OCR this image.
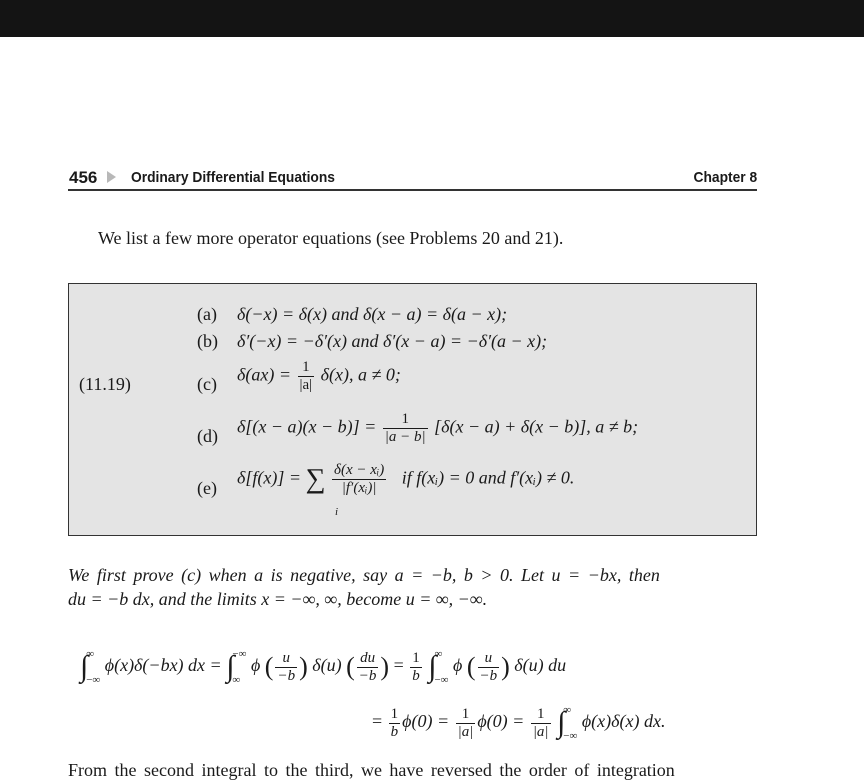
456 Ordinary Differential Equations	Chapter 8
We list a few more operator equations (see Problems 20 and 21).
(11.19)
(a) δ(−x) = δ(x) and δ(x − a) = δ(a − x);
(b) δ′(−x) = −δ′(x) and δ′(x − a) = −δ′(a − x);
(c) $\delta(ax) = \frac{1}{|a|} \delta(x)$, a ≠ 0;
(d) $\delta[(x - a)(x - b)] = \frac{1}{|a - b|} [\delta(x - a) + \delta(x - b)]$, a ≠ b;
(e)
δ[f(x)] = ∑ $\frac{\text{δ(x − xᵢ)}}{\text{|f′(xᵢ)|}}$ if f(xᵢ) = 0 and f′(xᵢ) ≠ 0.
i
We first prove (c) when a is negative, say a = −b, b > 0. Let u = −bx, then
du = −b dx, and the limits x = −∞, ∞, become u = ∞, −∞.
∫
∞
−∞
ϕ(x)δ(−bx) dx = ∫
−∞
∞
ϕ ( $\frac{u}{-b}$ ) δ(u) ( $\frac{du}{-b}$ ) = $\frac{1}{b}$ ∫
∞
−∞
ϕ ( $\frac{u}{-b}$ ) δ(u) du
= $\frac{1}{b} \phi(0) = \frac{1}{|a|} \phi(0) = \frac{1}{|a|}$ ∫
∞
−∞
ϕ(x)δ(x) dx.
From the second integral to the third, we have reversed the order of integration
